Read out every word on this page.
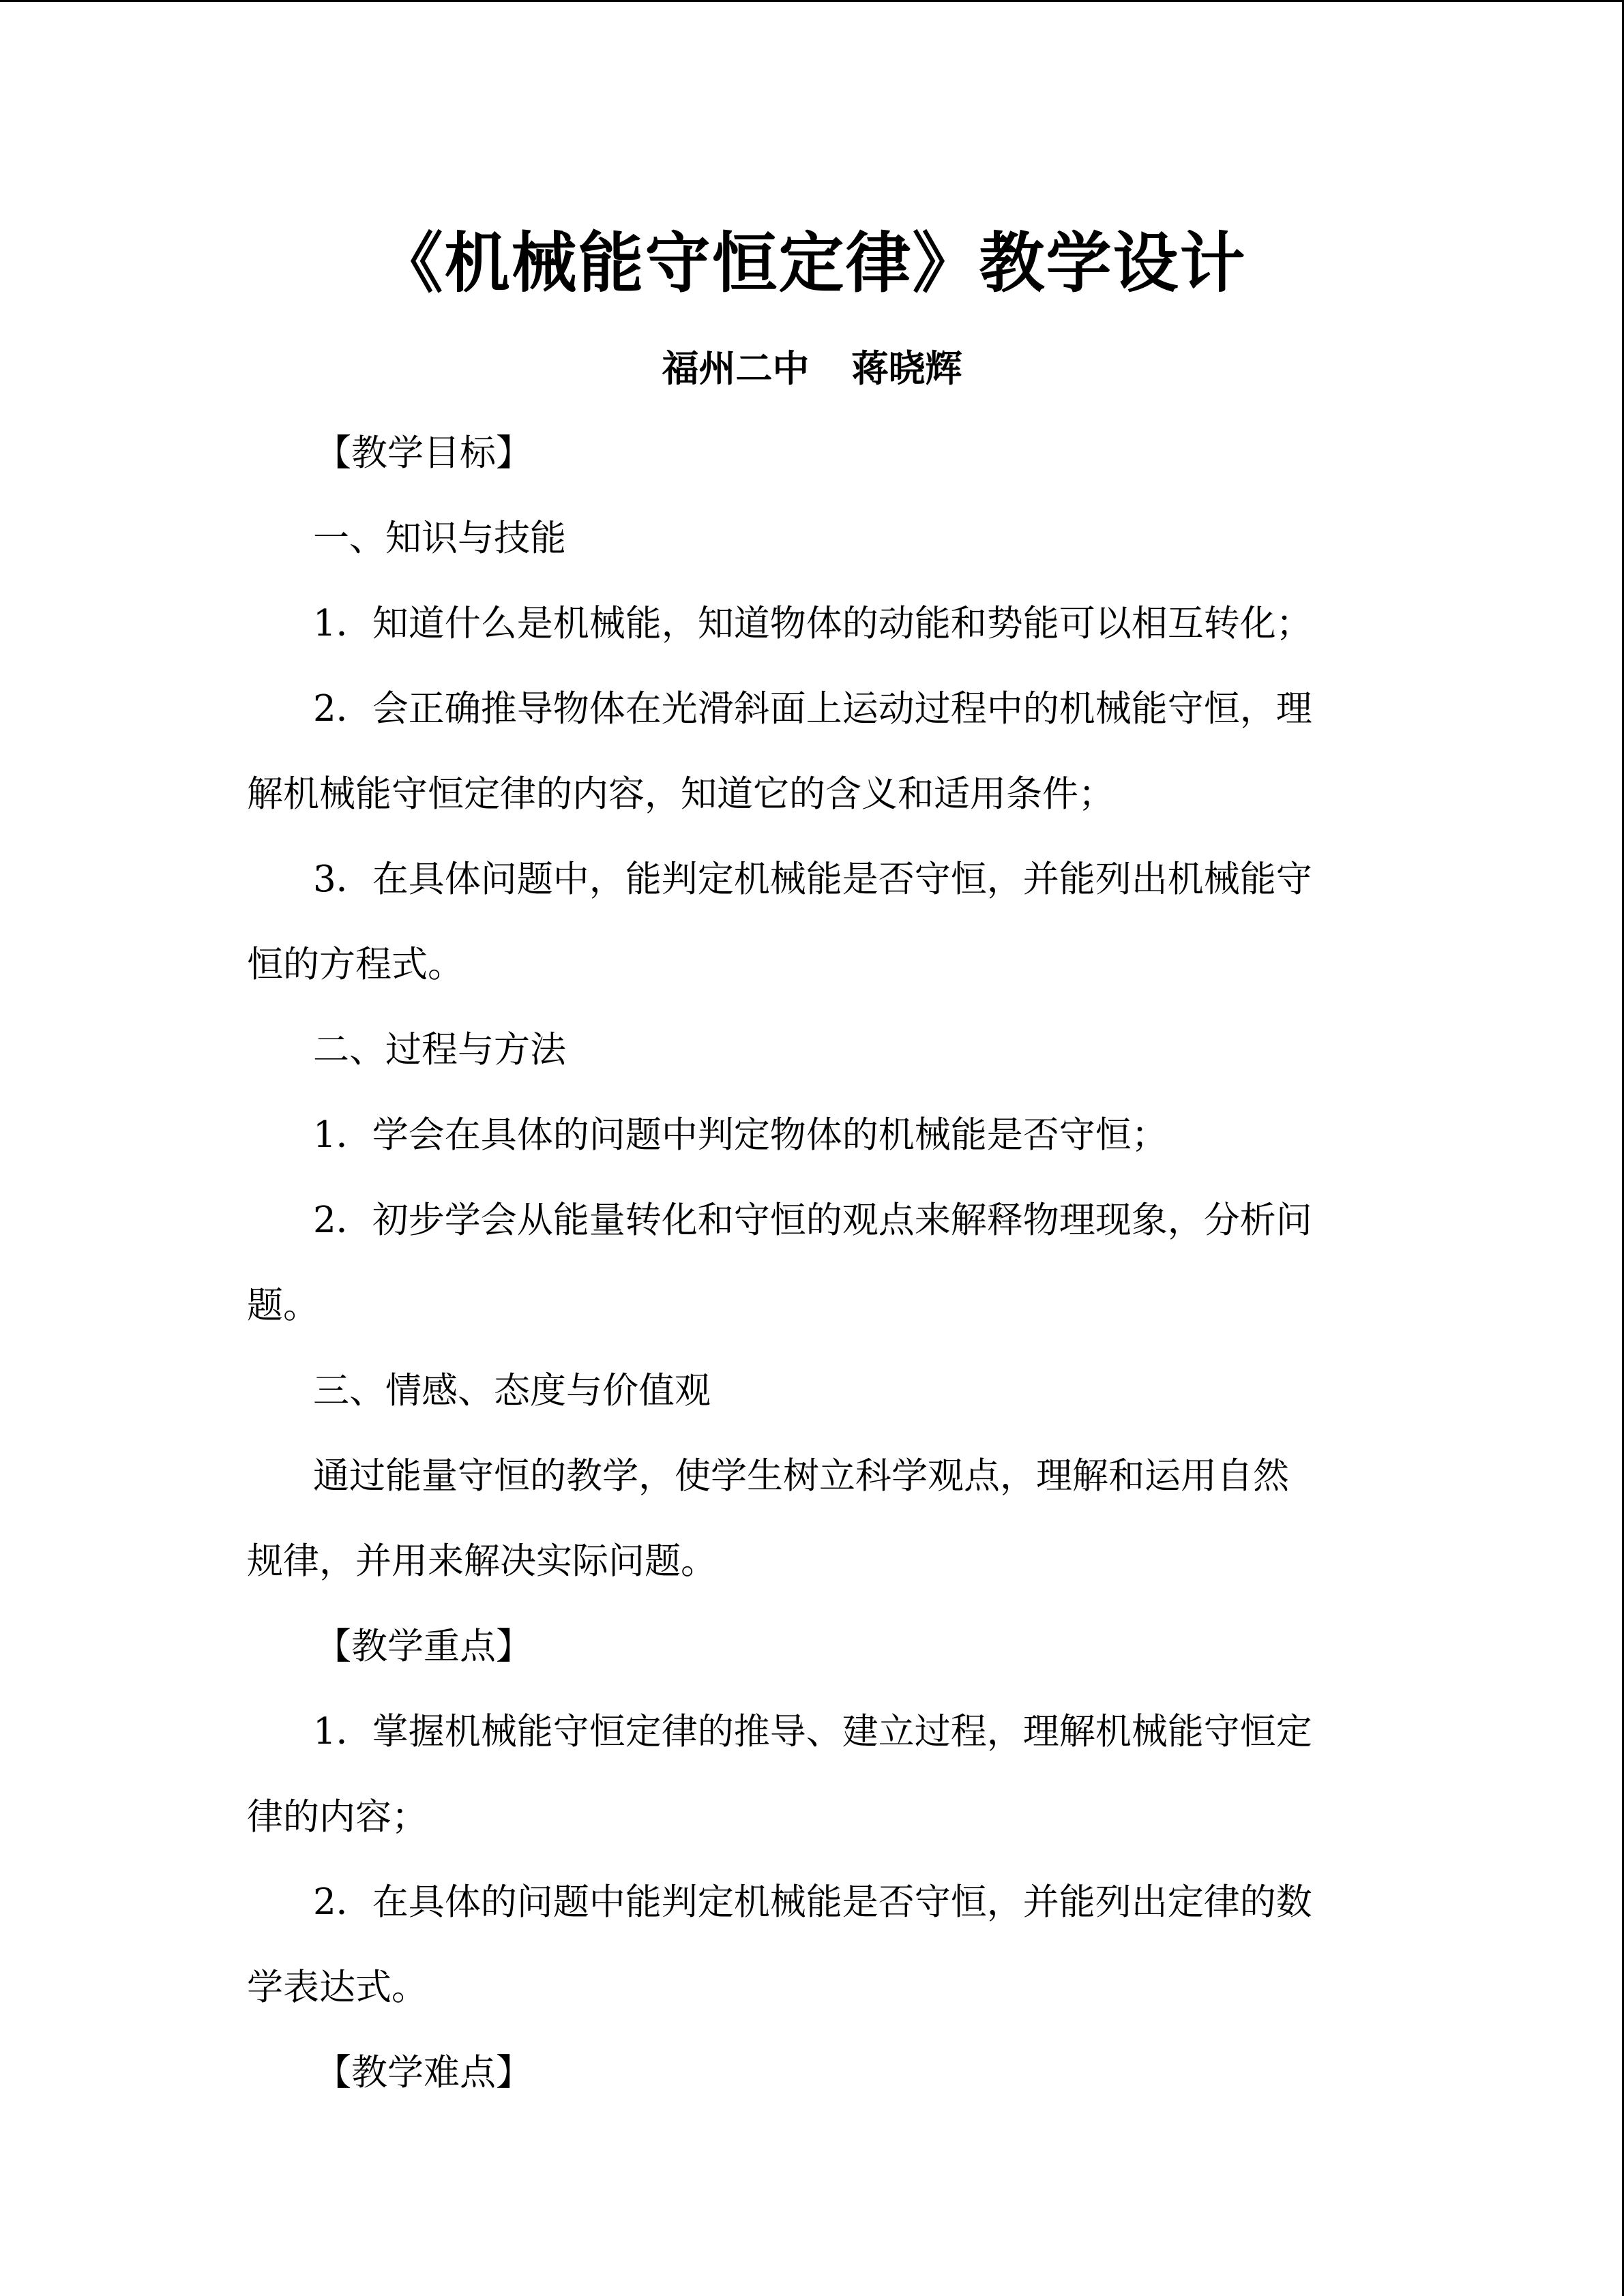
《机械能守恒定律》教学设计
福州二中 蒋晓辉
【教学目标】
一、知识与技能
1．知道什么是机械能，知道物体的动能和势能可以相互转化；
2．会正确推导物体在光滑斜面上运动过程中的机械能守恒，理
解机械能守恒定律的内容，知道它的含义和适用条件；
3．在具体问题中，能判定机械能是否守恒，并能列出机械能守
恒的方程式。
二、过程与方法
1．学会在具体的问题中判定物体的机械能是否守恒；
2．初步学会从能量转化和守恒的观点来解释物理现象，分析问
题。
三、情感、态度与价值观
通过能量守恒的教学，使学生树立科学观点，理解和运用自然
规律，并用来解决实际问题。
【教学重点】
1．掌握机械能守恒定律的推导、建立过程，理解机械能守恒定
律的内容；
2．在具体的问题中能判定机械能是否守恒，并能列出定律的数
学表达式。
【教学难点】
